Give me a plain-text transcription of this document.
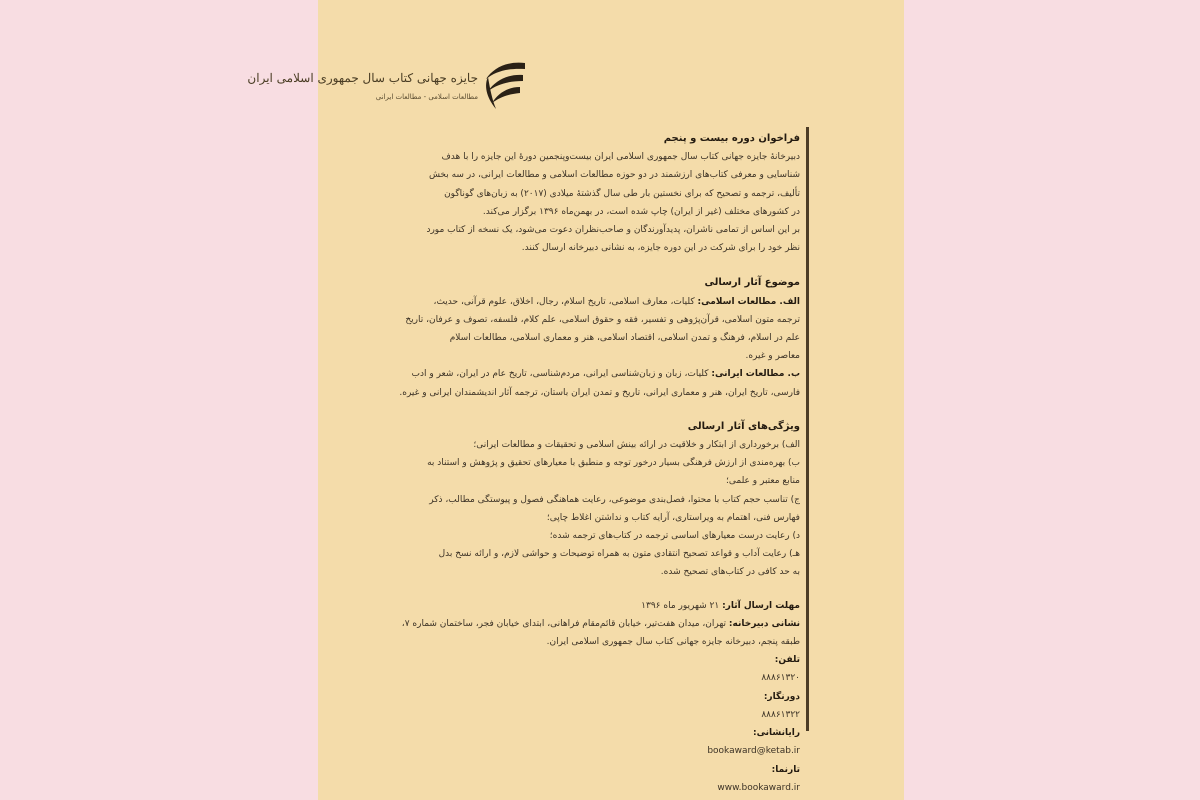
جایزه جهانی کتاب سال جمهوری اسلامی ایران
مطالعات اسلامی - مطالعات ایرانی

فراخوان دوره بیست و پنجم

دبیرخانهٔ جایزه جهانی کتاب سال جمهوری اسلامی ایران بیست‌وپنجمین دورهٔ این جایزه را با هدف

شناسایی و معرفی کتاب‌های ارزشمند در دو حوزه مطالعات اسلامی و مطالعات ایرانی، در سه بخش

تألیف، ترجمه و تصحیح که برای نخستین بار طی سال گذشتهٔ میلادی (۲۰۱۷) به زبان‌های گوناگون

در کشورهای مختلف (غیر از ایران) چاپ شده است، در بهمن‌ماه ۱۳۹۶ برگزار می‌کند.

بر این اساس از تمامی ناشران، پدیدآورندگان و صاحب‌نظران دعوت می‌شود، یک نسخه از کتاب مورد

نظر خود را برای شرکت در این دوره جایزه، به نشانی دبیرخانه ارسال کنند.

موضوع آثار ارسالی

الف. مطالعات اسلامی: کلیات، معارف اسلامی، تاریخ اسلام، رجال، اخلاق، علوم قرآنی، حدیث،

ترجمه متون اسلامی، قرآن‌پژوهی و تفسیر، فقه و حقوق اسلامی، علم کلام، فلسفه، تصوف و عرفان، تاریخ

علم در اسلام، فرهنگ و تمدن اسلامی، اقتصاد اسلامی، هنر و معماری اسلامی، مطالعات اسلام

معاصر و غیره.

ب. مطالعات ایرانی: کلیات، زبان و زبان‌شناسی ایرانی، مردم‌شناسی، تاریخ عام در ایران، شعر و ادب

فارسی، تاریخ ایران، هنر و معماری ایرانی، تاریخ و تمدن ایران باستان، ترجمه آثار اندیشمندان ایرانی و غیره.

ویژگی‌های آثار ارسالی

الف) برخورداری از ابتکار و خلاقیت در ارائه بینش اسلامی و تحقیقات و مطالعات ایرانی؛

ب) بهره‌مندی از ارزش فرهنگی بسیار درخور توجه و منطبق با معیارهای تحقیق و پژوهش و استناد به

منابع معتبر و علمی؛

ج) تناسب حجم کتاب با محتوا، فصل‌بندی موضوعی، رعایت هماهنگی فصول و پیوستگی مطالب، ذکر

فهارس فنی، اهتمام به ویراستاری، آرایه کتاب و نداشتن اغلاط چاپی؛

د) رعایت درست معیارهای اساسی ترجمه در کتاب‌های ترجمه شده؛

هـ) رعایت آداب و قواعد تصحیح انتقادی متون به همراه توضیحات و حواشی لازم، و ارائه نسخ بدل

به حد کافی در کتاب‌های تصحیح شده.

مهلت ارسال آثار: ۲۱ شهریور ماه ۱۳۹۶

نشانی دبیرخانه: تهران، میدان هفت‌تیر، خیابان قائم‌مقام فراهانی، ابتدای خیابان فجر، ساختمان شماره ۷،

طبقه پنجم، دبیرخانه جایزه جهانی کتاب سال جمهوری اسلامی ایران.

تلفن:

۸۸۸۶۱۳۲۰

دورنگار:

۸۸۸۶۱۳۲۲

رایانشانی:

bookaward@ketab.ir

تارنما:

www.bookaward.ir
